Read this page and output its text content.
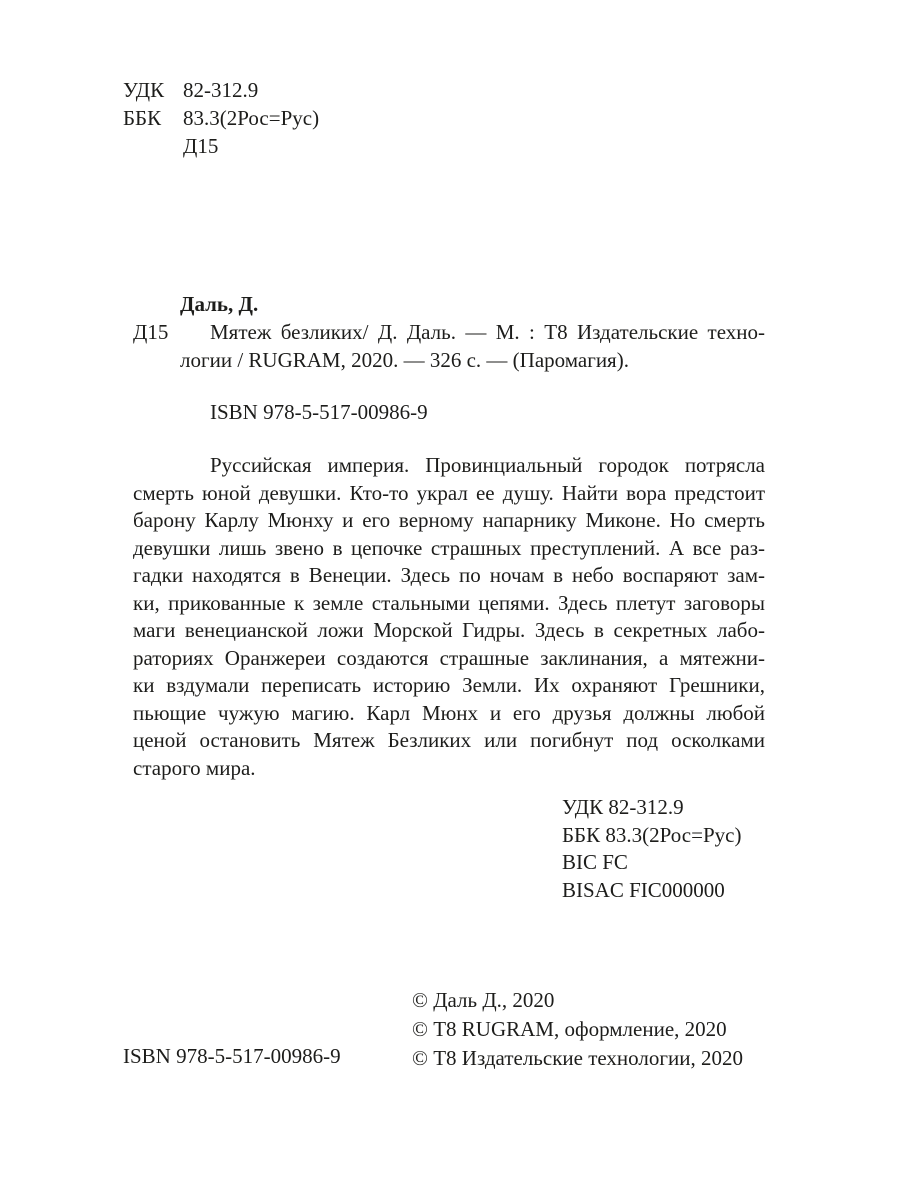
УДК 82-312.9
ББК	83.3(2Рос=Рус)
Д15
Даль, Д.
Д15	Мятеж безликих/ Д. Даль. — М. : Т8 Издательские техно-
логии / RUGRAM, 2020. — 326 с. — (Паромагия).
ISBN 978-5-517-00986-9
Руссийская империя. Провинциальный городок потрясла
смерть юной девушки. Кто-то украл ее душу. Найти вора предстоит
барону Карлу Мюнху и его верному напарнику Миконе. Но смерть
девушки лишь звено в цепочке страшных преступлений. А все раз-
гадки находятся в Венеции. Здесь по ночам в небо воспаряют зам-
ки, прикованные к земле стальными цепями. Здесь плетут заговоры
маги венецианской ложи Морской Гидры. Здесь в секретных лабо-
раториях Оранжереи создаются страшные заклинания, а мятежни-
ки вздумали переписать историю Земли. Их охраняют Грешники,
пьющие чужую магию. Карл Мюнх и его друзья должны любой
ценой остановить Мятеж Безликих или погибнут под осколками
старого мира.
УДК 82-312.9
ББК 83.3(2Рос=Рус)
BIC FC
BISAC FIC000000
ISBN 978-5-517-00986-9
© Даль Д., 2020
© Т8 RUGRAM, оформление, 2020
© Т8 Издательские технологии, 2020
